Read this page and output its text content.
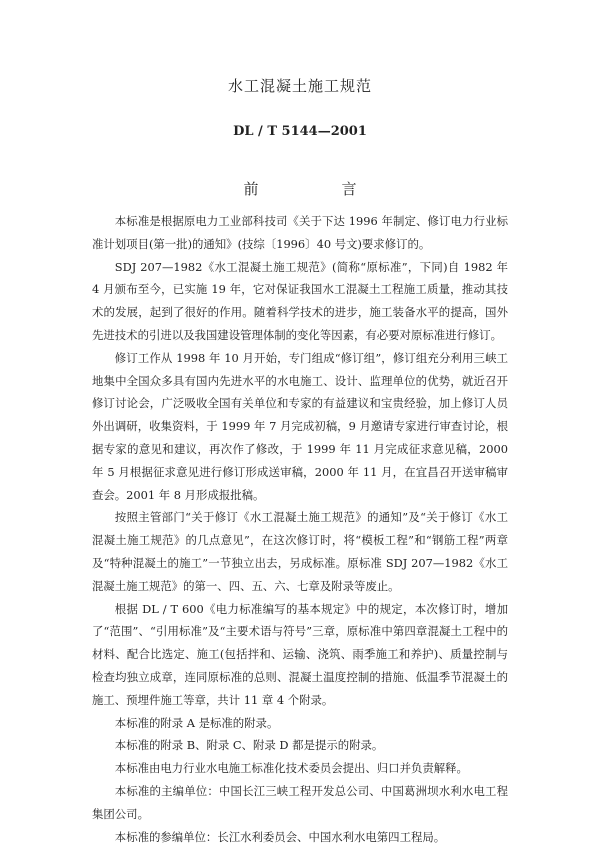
水工混凝土施工规范
DL / T 5144—2001
前　言

本标准是根据原电力工业部科技司《关于下达 1996 年制定、修订电力行业标准计划项目(第一批)的通知》(技综〔1996〕40 号文)要求修订的。

SDJ 207—1982《水工混凝土施工规范》(简称“原标准”，下同)自 1982 年 4 月颁布至今，已实施 19 年，它对保证我国水工混凝土工程施工质量，推动其技术的发展，起到了很好的作用。随着科学技术的进步，施工装备水平的提高，国外先进技术的引进以及我国建设管理体制的变化等因素，有必要对原标准进行修订。

修订工作从 1998 年 10 月开始，专门组成“修订组”，修订组充分利用三峡工地集中全国众多具有国内先进水平的水电施工、设计、监理单位的优势，就近召开修订讨论会，广泛吸收全国有关单位和专家的有益建议和宝贵经验，加上修订人员外出调研，收集资料，于 1999 年 7 月完成初稿，9 月邀请专家进行审查讨论，根据专家的意见和建议，再次作了修改，于 1999 年 11 月完成征求意见稿，2000 年 5 月根据征求意见进行修订形成送审稿，2000 年 11 月，在宜昌召开送审稿审查会。2001 年 8 月形成报批稿。

按照主管部门“关于修订《水工混凝土施工规范》的通知”及“关于修订《水工混凝土施工规范》的几点意见”，在这次修订时，将“模板工程”和“钢筋工程”两章及“特种混凝土的施工”一节独立出去，另成标准。原标准 SDJ 207—1982《水工混凝土施工规范》的第一、四、五、六、七章及附录等废止。

根据 DL / T 600《电力标准编写的基本规定》中的规定，本次修订时，增加了“范围”、“引用标准”及“主要术语与符号”三章，原标准中第四章混凝土工程中的材料、配合比选定、施工(包括拌和、运输、浇筑、雨季施工和养护)、质量控制与检查均独立成章，连同原标准的总则、混凝土温度控制的措施、低温季节混凝土的施工、预埋件施工等章，共计 11 章 4 个附录。

本标准的附录 A 是标准的附录。

本标准的附录 B、附录 C、附录 D 都是提示的附录。

本标准由电力行业水电施工标准化技术委员会提出、归口并负责解释。

本标准的主编单位：中国长江三峡工程开发总公司、中国葛洲坝水利水电工程集团公司。

本标准的参编单位：长江水利委员会、中国水利水电第四工程局。
